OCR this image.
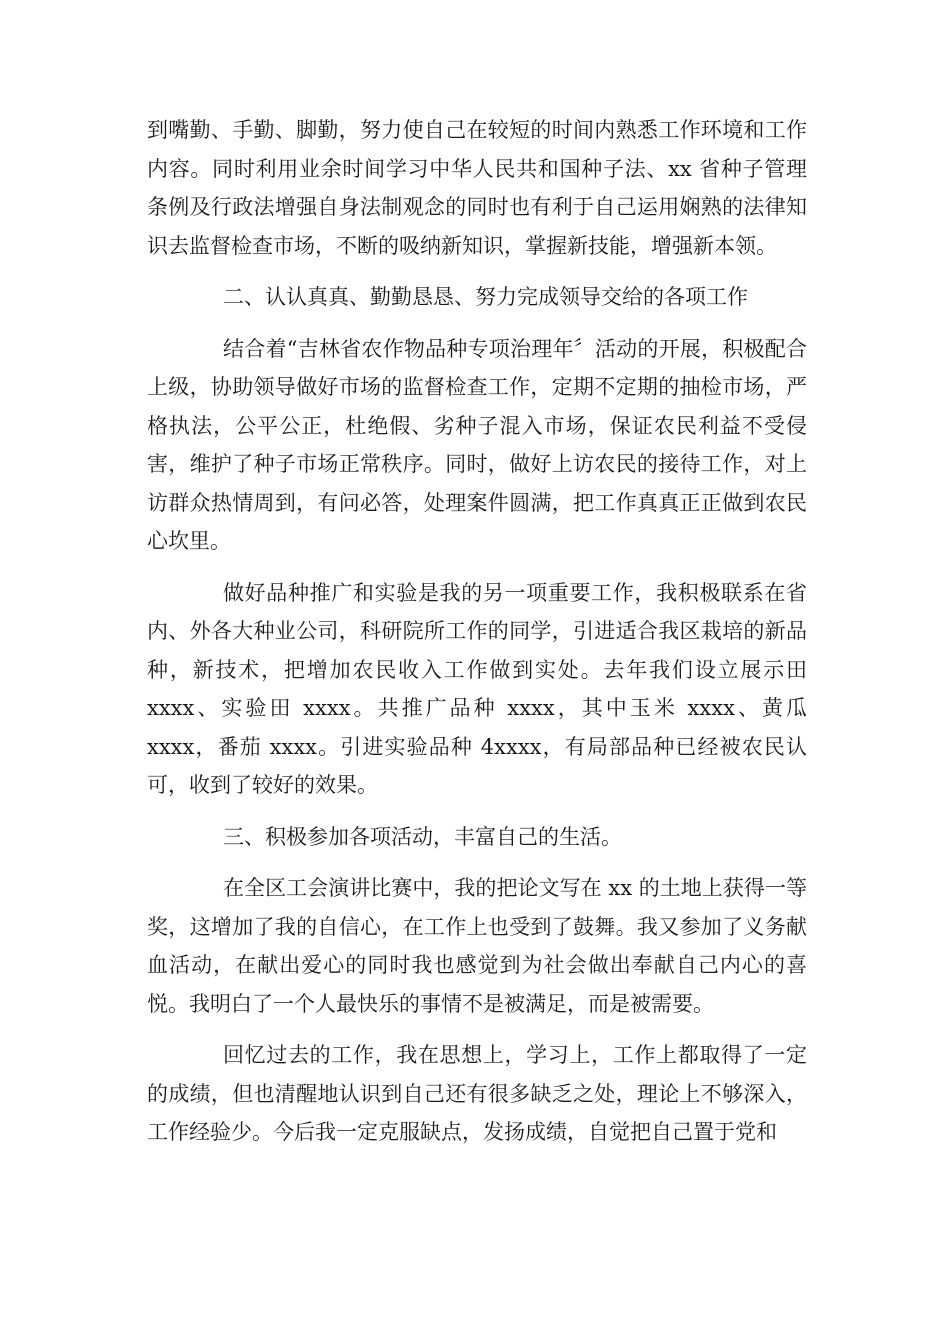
到嘴勤、手勤、脚勤，努力使自己在较短的时间内熟悉工作环境和工作内容。同时利用业余时间学习中华人民共和国种子法、xx 省种子管理条例及行政法增强自身法制观念的同时也有利于自己运用娴熟的法律知识去监督检查市场，不断的吸纳新知识，掌握新技能，增强新本领。

二、认认真真、勤勤恳恳、努力完成领导交给的各项工作

结合着“吉林省农作物品种专项治理年〞活动的开展，积极配合上级，协助领导做好市场的监督检查工作，定期不定期的抽检市场，严格执法，公平公正，杜绝假、劣种子混入市场，保证农民利益不受侵害，维护了种子市场正常秩序。同时，做好上访农民的接待工作，对上访群众热情周到，有问必答，处理案件圆满，把工作真真正正做到农民心坎里。

做好品种推广和实验是我的另一项重要工作，我积极联系在省内、外各大种业公司，科研院所工作的同学，引进适合我区栽培的新品种，新技术，把增加农民收入工作做到实处。去年我们设立展示田 xxxx、实验田 xxxx。共推广品种 xxxx，其中玉米 xxxx、黄瓜 xxxx，番茄 xxxx。引进实验品种 4xxxx，有局部品种已经被农民认可，收到了较好的效果。

三、积极参加各项活动，丰富自己的生活。

在全区工会演讲比赛中，我的把论文写在 xx 的土地上获得一等奖，这增加了我的自信心，在工作上也受到了鼓舞。我又参加了义务献血活动，在献出爱心的同时我也感觉到为社会做出奉献自己内心的喜悦。我明白了一个人最快乐的事情不是被满足，而是被需要。

回忆过去的工作，我在思想上，学习上，工作上都取得了一定的成绩，但也清醒地认识到自己还有很多缺乏之处，理论上不够深入，工作经验少。今后我一定克服缺点，发扬成绩，自觉把自己置于党和
